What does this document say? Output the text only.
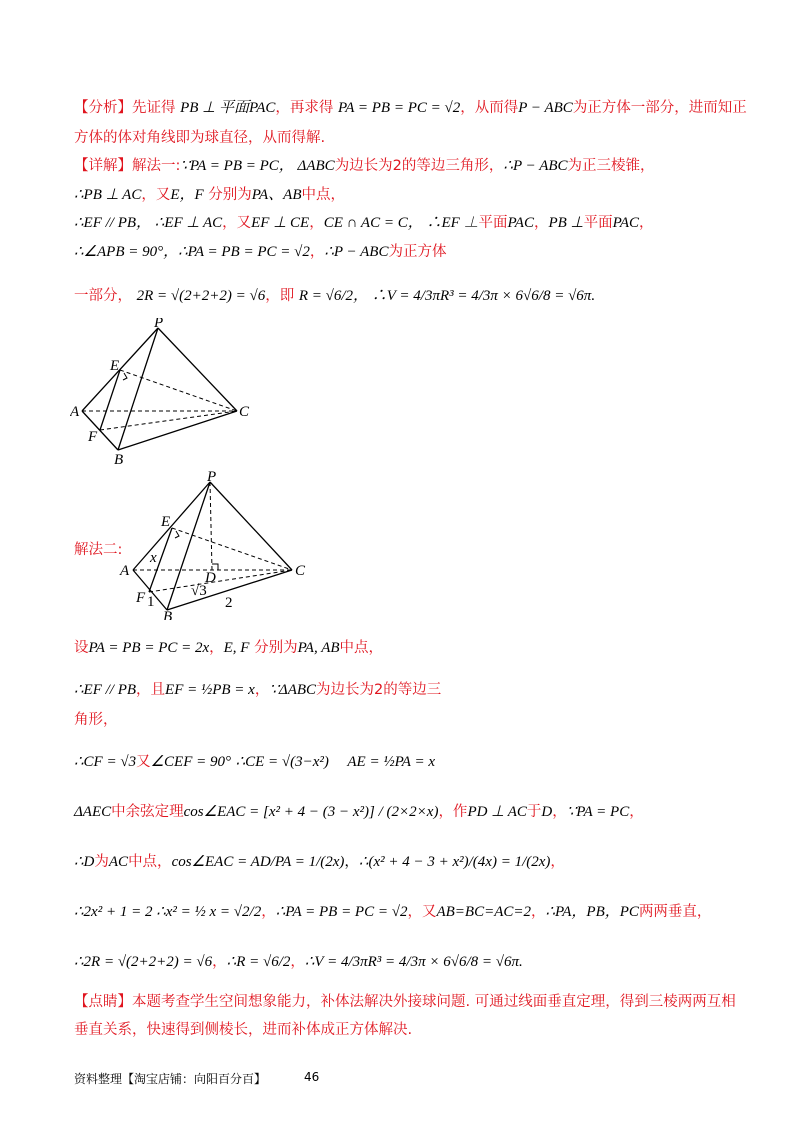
【分析】先证得 PB ⊥ 平面PAC，再求得 PA = PB = PC = √2，从而得P − ABC为正方体一部分，进而知正
方体的体对角线即为球直径，从而得解.
【详解】解法一:∵PA = PB = PC， ΔABC为边长为2的等边三角形，∴P − ABC为正三棱锥，
∴PB ⊥ AC，又E，F 分别为PA、AB中点，
∴EF // PB， ∴EF ⊥ AC，又EF ⊥ CE，CE ∩ AC = C， ∴EF ⊥平面PAC，PB ⊥平面PAC，
∴∠APB = 90°，∴PA = PB = PC = √2，∴P − ABC为正方体
一部分， 2R = √(2+2+2) = √6，即 R = √6/2， ∴V = 4/3πR³ = 4/3π × 6√6/8 = √6π.
P
E
A	C
F
B
解法二:
P
E
A	C
F
B
D
x
1	2
√3
设PA = PB = PC = 2x，E, F 分别为PA, AB中点，
∴EF // PB，且EF = ½PB = x，∵ΔABC为边长为2的等边三
角形，
∴CF = √3又∠CEF = 90° ∴CE = √(3−x²) AE = ½PA = x
ΔAEC中余弦定理cos∠EAC = [x² + 4 − (3 − x²)] / (2×2×x)，作PD ⊥ AC于D，∵PA = PC，
∴D为AC中点，cos∠EAC = AD/PA = 1/(2x)，∴(x² + 4 − 3 + x²)/(4x) = 1/(2x)，
∴2x² + 1 = 2 ∴x² = ½ x = √2/2，∴PA = PB = PC = √2，又AB=BC=AC=2，∴PA，PB，PC两两垂直，
∴2R = √(2+2+2) = √6，∴R = √6/2，∴V = 4/3πR³ = 4/3π × 6√6/8 = √6π.
【点睛】本题考查学生空间想象能力，补体法解决外接球问题. 可通过线面垂直定理，得到三棱两两互相
垂直关系，快速得到侧棱长，进而补体成正方体解决.
资料整理【淘宝店铺：向阳百分百】	46
